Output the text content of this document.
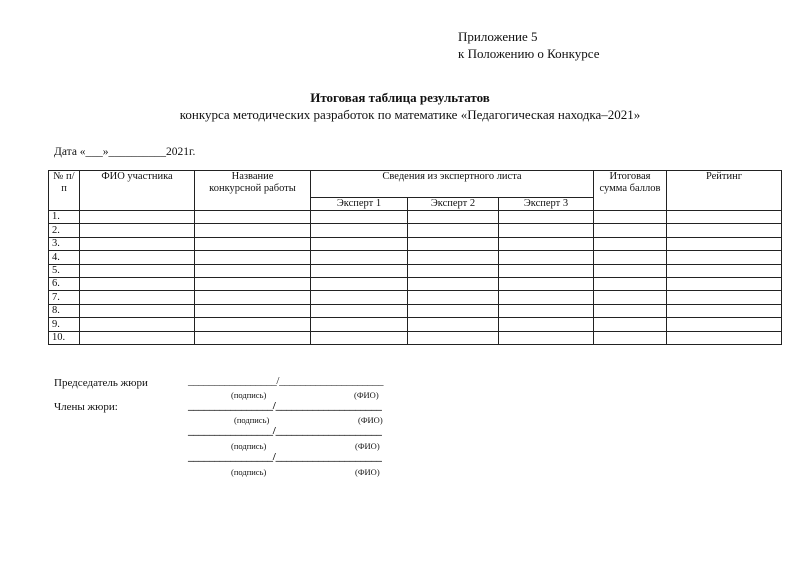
Приложение 5
к Положению о Конкурсе
Итоговая таблица результатов
конкурса методических разработок по математике «Педагогическая находка–2021»
Дата «___»__________2021г.
№ п/п	ФИО участника	Название конкурсной работы	Сведения из экспертного листа			Итоговая сумма баллов	Рейтинг
			Эксперт 1	Эксперт 2	Эксперт 3		
1.							
2.							
3.							
4.							
5.							
6.							
7.							
8.							
9.							
10.							
Председатель жюри	_________________/____________________
(подпись)	(ФИО)
Члены жюри:	________________/____________________
(подпись)	(ФИО)
________________/____________________
(подпись)	(ФИО)
________________/____________________
(подпись)	(ФИО)
